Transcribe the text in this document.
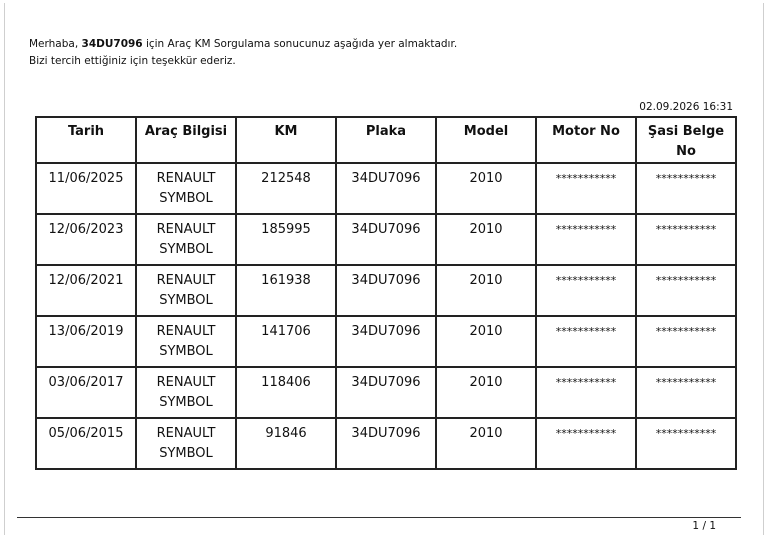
Merhaba, 34DU7096 için Araç KM Sorgulama sonucunuz aşağıda yer almaktadır.
Bizi tercih ettiğiniz için teşekkür ederiz.
02.09.2026 16:31
Tarih	Araç Bilgisi	KM	Plaka	Model	Motor No	Şasi Belge No
11/06/2025	RENAULT SYMBOL	212548	34DU7096	2010	***********	***********
12/06/2023	RENAULT SYMBOL	185995	34DU7096	2010	***********	***********
12/06/2021	RENAULT SYMBOL	161938	34DU7096	2010	***********	***********
13/06/2019	RENAULT SYMBOL	141706	34DU7096	2010	***********	***********
03/06/2017	RENAULT SYMBOL	118406	34DU7096	2010	***********	***********
05/06/2015	RENAULT SYMBOL	91846	34DU7096	2010	***********	***********
1 / 1
